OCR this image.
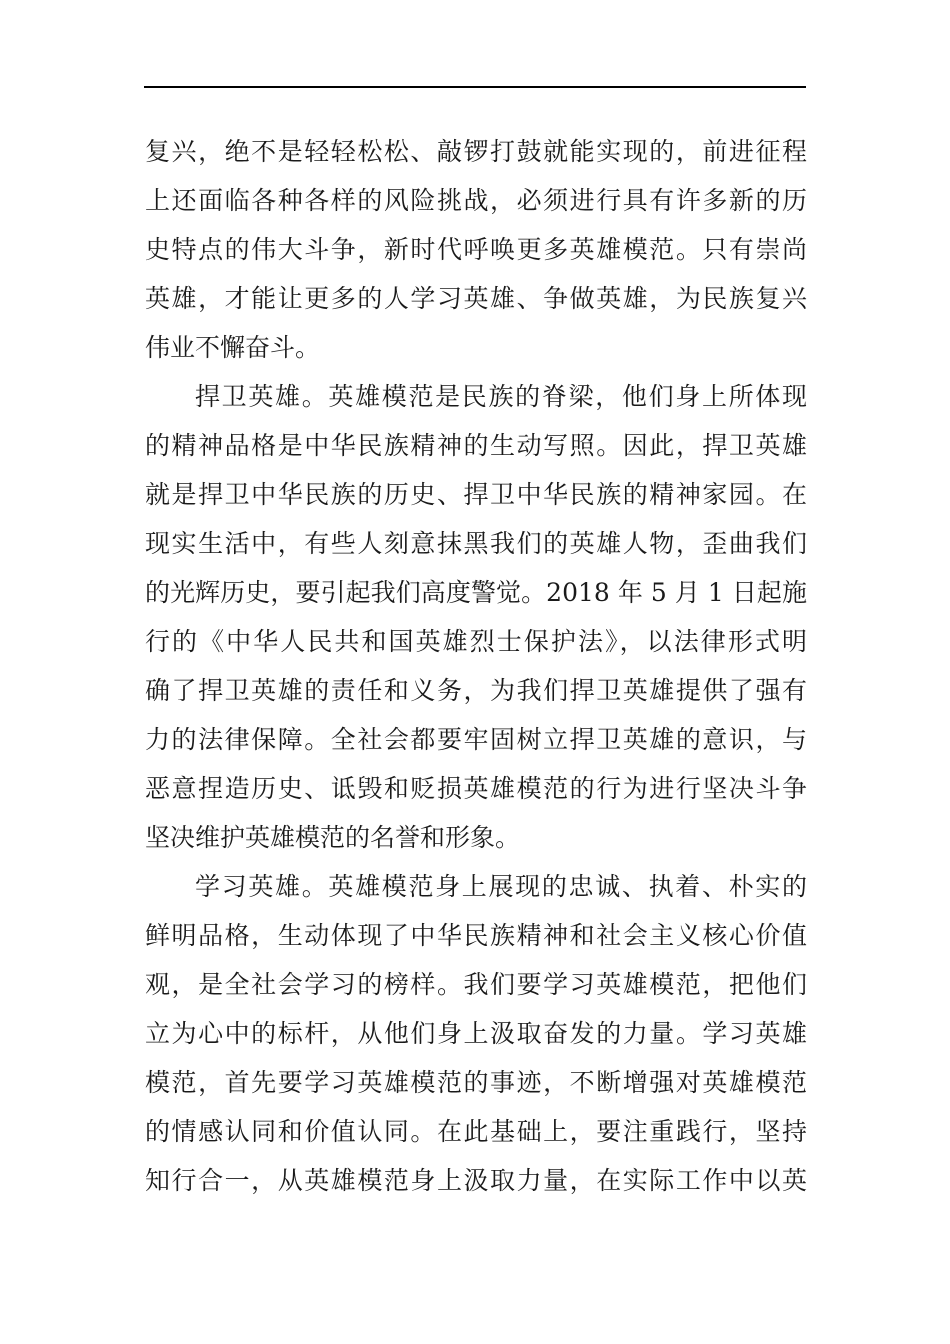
复兴，绝不是轻轻松松、敲锣打鼓就能实现的，前进征程
上还面临各种各样的风险挑战，必须进行具有许多新的历
史特点的伟大斗争，新时代呼唤更多英雄模范。只有崇尚
英雄，才能让更多的人学习英雄、争做英雄，为民族复兴
伟业不懈奋斗。
捍卫英雄。英雄模范是民族的脊梁，他们身上所体现
的精神品格是中华民族精神的生动写照。因此，捍卫英雄
就是捍卫中华民族的历史、捍卫中华民族的精神家园。在
现实生活中，有些人刻意抹黑我们的英雄人物，歪曲我们
的光辉历史，要引起我们高度警觉。2018 年 5 月 1 日起施
行的《中华人民共和国英雄烈士保护法》，以法律形式明
确了捍卫英雄的责任和义务，为我们捍卫英雄提供了强有
力的法律保障。全社会都要牢固树立捍卫英雄的意识，与
恶意捏造历史、诋毁和贬损英雄模范的行为进行坚决斗争
坚决维护英雄模范的名誉和形象。
学习英雄。英雄模范身上展现的忠诚、执着、朴实的
鲜明品格，生动体现了中华民族精神和社会主义核心价值
观，是全社会学习的榜样。我们要学习英雄模范，把他们
立为心中的标杆，从他们身上汲取奋发的力量。学习英雄
模范，首先要学习英雄模范的事迹，不断增强对英雄模范
的情感认同和价值认同。在此基础上，要注重践行，坚持
知行合一，从英雄模范身上汲取力量，在实际工作中以英
